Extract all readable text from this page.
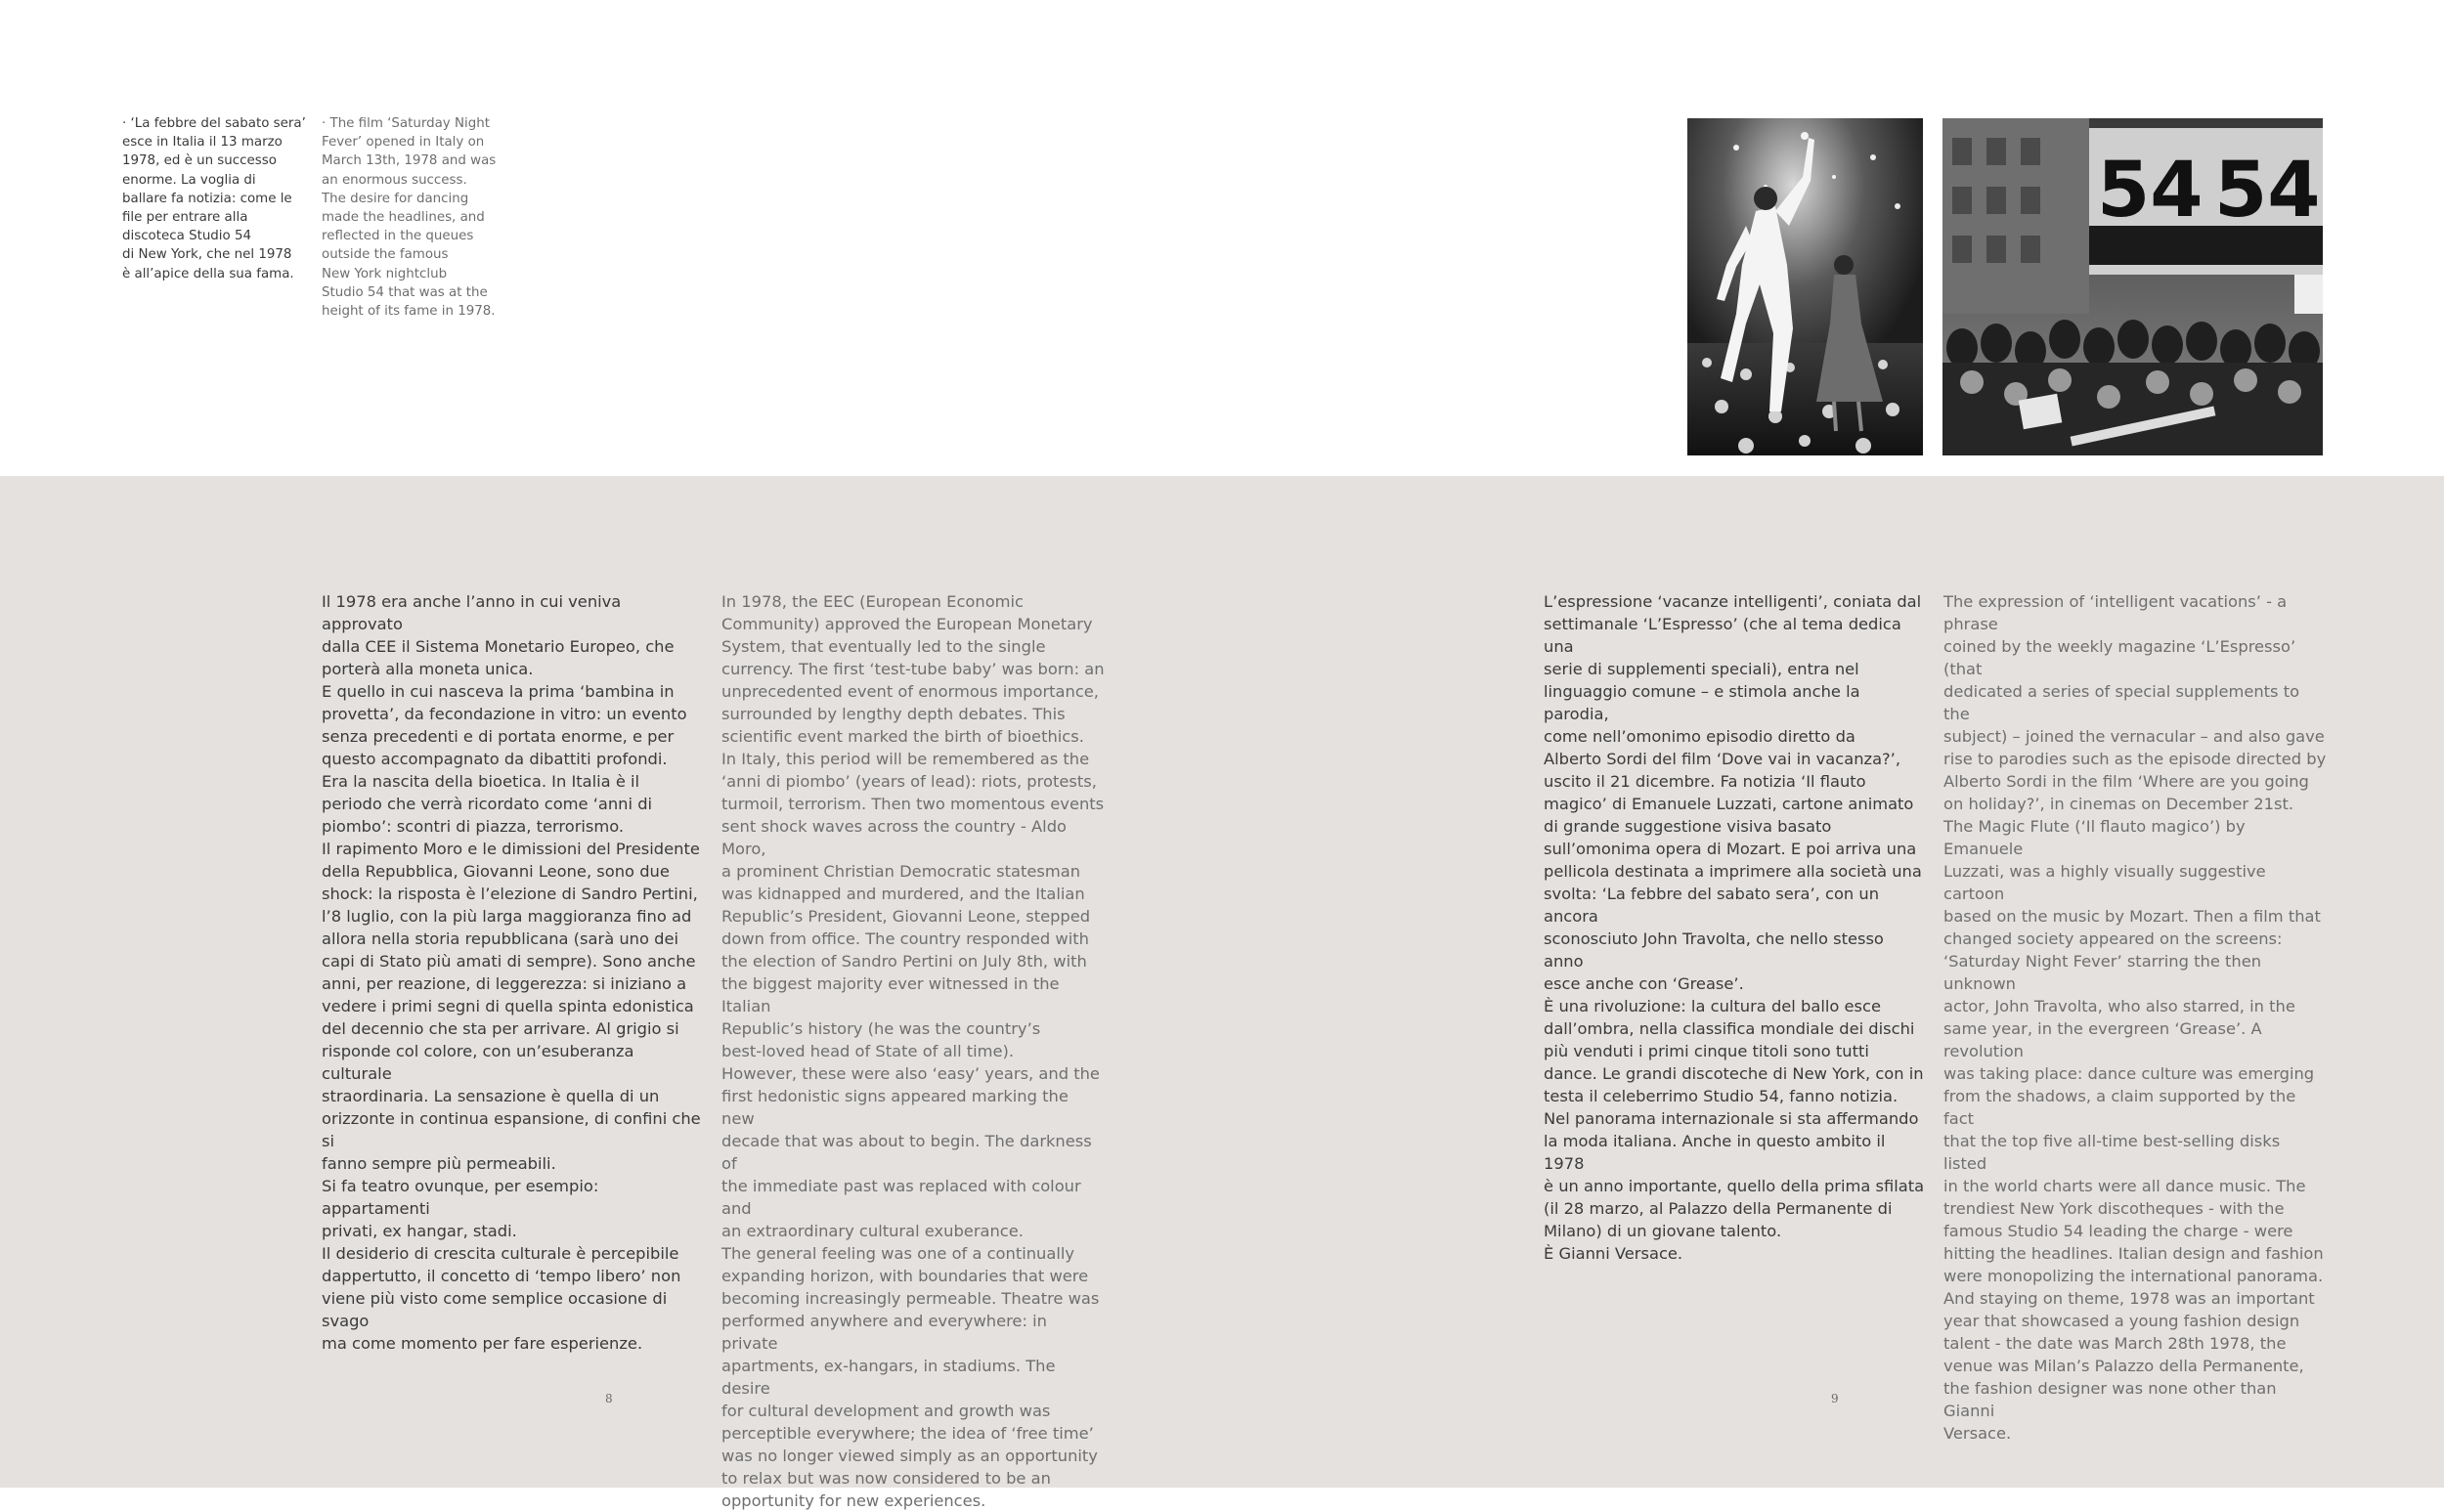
· ‘La febbre del sabato sera’
esce in Italia il 13 marzo
1978, ed è un successo
enorme. La voglia di
ballare fa notizia: come le
file per entrare alla
discoteca Studio 54
di New York, che nel 1978
è all’apice della sua fama.

· The film ‘Saturday Night
Fever’ opened in Italy on
March 13th, 1978 and was
an enormous success.
The desire for dancing
made the headlines, and
reflected in the queues
outside the famous
New York nightclub
Studio 54 that was at the
height of its fame in 1978.

54 54

Il 1978 era anche l’anno in cui veniva approvato
dalla CEE il Sistema Monetario Europeo, che
porterà alla moneta unica.
E quello in cui nasceva la prima ‘bambina in
provetta’, da fecondazione in vitro: un evento
senza precedenti e di portata enorme, e per
questo accompagnato da dibattiti profondi.
Era la nascita della bioetica. In Italia è il
periodo che verrà ricordato come ‘anni di
piombo’: scontri di piazza, terrorismo.
Il rapimento Moro e le dimissioni del Presidente
della Repubblica, Giovanni Leone, sono due
shock: la risposta è l’elezione di Sandro Pertini,
l’8 luglio, con la più larga maggioranza fino ad
allora nella storia repubblicana (sarà uno dei
capi di Stato più amati di sempre). Sono anche
anni, per reazione, di leggerezza: si iniziano a
vedere i primi segni di quella spinta edonistica
del decennio che sta per arrivare. Al grigio si
risponde col colore, con un’esuberanza culturale
straordinaria. La sensazione è quella di un
orizzonte in continua espansione, di confini che si
fanno sempre più permeabili.
Si fa teatro ovunque, per esempio: appartamenti
privati, ex hangar, stadi.
Il desiderio di crescita culturale è percepibile
dappertutto, il concetto di ‘tempo libero’ non
viene più visto come semplice occasione di svago
ma come momento per fare esperienze.

In 1978, the EEC (European Economic
Community) approved the European Monetary
System, that eventually led to the single
currency. The first ‘test-tube baby’ was born: an
unprecedented event of enormous importance,
surrounded by lengthy depth debates. This
scientific event marked the birth of bioethics.
In Italy, this period will be remembered as the
‘anni di piombo’ (years of lead): riots, protests,
turmoil, terrorism. Then two momentous events
sent shock waves across the country - Aldo Moro,
a prominent Christian Democratic statesman
was kidnapped and murdered, and the Italian
Republic’s President, Giovanni Leone, stepped
down from office. The country responded with
the election of Sandro Pertini on July 8th, with
the biggest majority ever witnessed in the Italian
Republic’s history (he was the country’s
best-loved head of State of all time).
However, these were also ‘easy’ years, and the
first hedonistic signs appeared marking the new
decade that was about to begin. The darkness of
the immediate past was replaced with colour and
an extraordinary cultural exuberance.
The general feeling was one of a continually
expanding horizon, with boundaries that were
becoming increasingly permeable. Theatre was
performed anywhere and everywhere: in private
apartments, ex-hangars, in stadiums. The desire
for cultural development and growth was
perceptible everywhere; the idea of ‘free time’
was no longer viewed simply as an opportunity
to relax but was now considered to be an
opportunity for new experiences.

L’espressione ‘vacanze intelligenti’, coniata dal
settimanale ‘L’Espresso’ (che al tema dedica una
serie di supplementi speciali), entra nel
linguaggio comune – e stimola anche la parodia,
come nell’omonimo episodio diretto da
Alberto Sordi del film ‘Dove vai in vacanza?’,
uscito il 21 dicembre. Fa notizia ‘Il flauto
magico’ di Emanuele Luzzati, cartone animato
di grande suggestione visiva basato
sull’omonima opera di Mozart. E poi arriva una
pellicola destinata a imprimere alla società una
svolta: ‘La febbre del sabato sera’, con un ancora
sconosciuto John Travolta, che nello stesso anno
esce anche con ‘Grease’.
È una rivoluzione: la cultura del ballo esce
dall’ombra, nella classifica mondiale dei dischi
più venduti i primi cinque titoli sono tutti
dance. Le grandi discoteche di New York, con in
testa il celeberrimo Studio 54, fanno notizia.
Nel panorama internazionale si sta affermando
la moda italiana. Anche in questo ambito il 1978
è un anno importante, quello della prima sfilata
(il 28 marzo, al Palazzo della Permanente di
Milano) di un giovane talento.
È Gianni Versace.

The expression of ‘intelligent vacations’ - a phrase
coined by the weekly magazine ‘L’Espresso’ (that
dedicated a series of special supplements to the
subject) – joined the vernacular – and also gave
rise to parodies such as the episode directed by
Alberto Sordi in the film ‘Where are you going
on holiday?’, in cinemas on December 21st.
The Magic Flute (‘Il flauto magico’) by Emanuele
Luzzati, was a highly visually suggestive cartoon
based on the music by Mozart. Then a film that
changed society appeared on the screens:
‘Saturday Night Fever’ starring the then unknown
actor, John Travolta, who also starred, in the
same year, in the evergreen ‘Grease’. A revolution
was taking place: dance culture was emerging
from the shadows, a claim supported by the fact
that the top five all-time best-selling disks listed
in the world charts were all dance music. The
trendiest New York discotheques - with the
famous Studio 54 leading the charge - were
hitting the headlines. Italian design and fashion
were monopolizing the international panorama.
And staying on theme, 1978 was an important
year that showcased a young fashion design
talent - the date was March 28th 1978, the
venue was Milan’s Palazzo della Permanente,
the fashion designer was none other than Gianni
Versace.

8	9
